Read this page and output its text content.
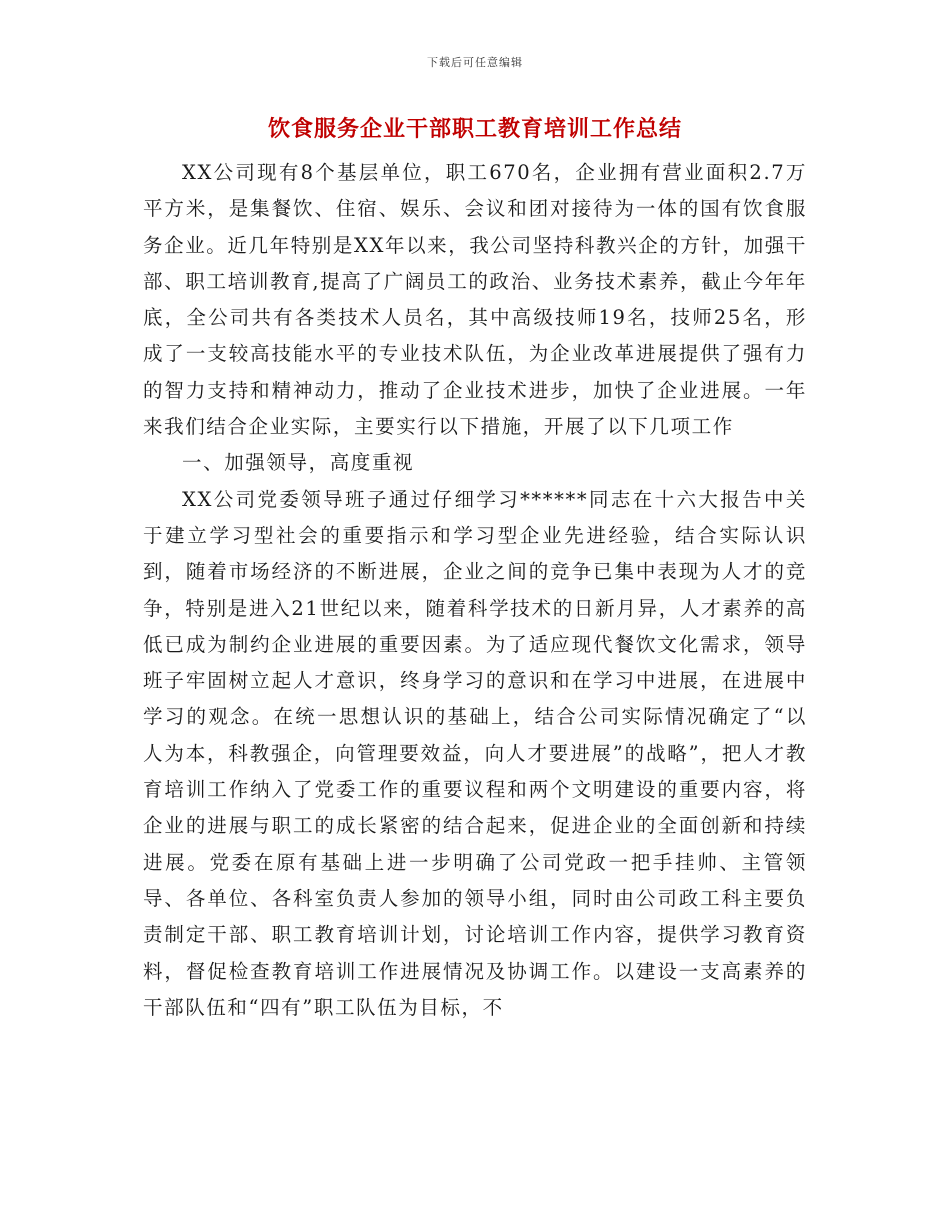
下载后可任意编辑
饮食服务企业干部职工教育培训工作总结

XX公司现有8个基层单位，职工670名，企业拥有营业面积2.7万平方米，是集餐饮、住宿、娱乐、会议和团对接待为一体的国有饮食服务企业。近几年特别是XX年以来，我公司坚持科教兴企的方针，加强干部、职工培训教育,提高了广阔员工的政治、业务技术素养，截止今年年底，全公司共有各类技术人员名，其中高级技师19名，技师25名，形成了一支较高技能水平的专业技术队伍，为企业改革进展提供了强有力的智力支持和精神动力，推动了企业技术进步，加快了企业进展。一年来我们结合企业实际，主要实行以下措施，开展了以下几项工作

一、加强领导，高度重视

XX公司党委领导班子通过仔细学习******同志在十六大报告中关于建立学习型社会的重要指示和学习型企业先进经验，结合实际认识到，随着市场经济的不断进展，企业之间的竞争已集中表现为人才的竞争，特别是进入21世纪以来，随着科学技术的日新月异，人才素养的高低已成为制约企业进展的重要因素。为了适应现代餐饮文化需求，领导班子牢固树立起人才意识，终身学习的意识和在学习中进展，在进展中学习的观念。在统一思想认识的基础上，结合公司实际情况确定了“以人为本，科教强企，向管理要效益，向人才要进展”的战略”，把人才教育培训工作纳入了党委工作的重要议程和两个文明建设的重要内容，将企业的进展与职工的成长紧密的结合起来，促进企业的全面创新和持续进展。党委在原有基础上进一步明确了公司党政一把手挂帅、主管领导、各单位、各科室负责人参加的领导小组，同时由公司政工科主要负责制定干部、职工教育培训计划，讨论培训工作内容，提供学习教育资料，督促检查教育培训工作进展情况及协调工作。以建设一支高素养的干部队伍和“四有”职工队伍为目标，不
